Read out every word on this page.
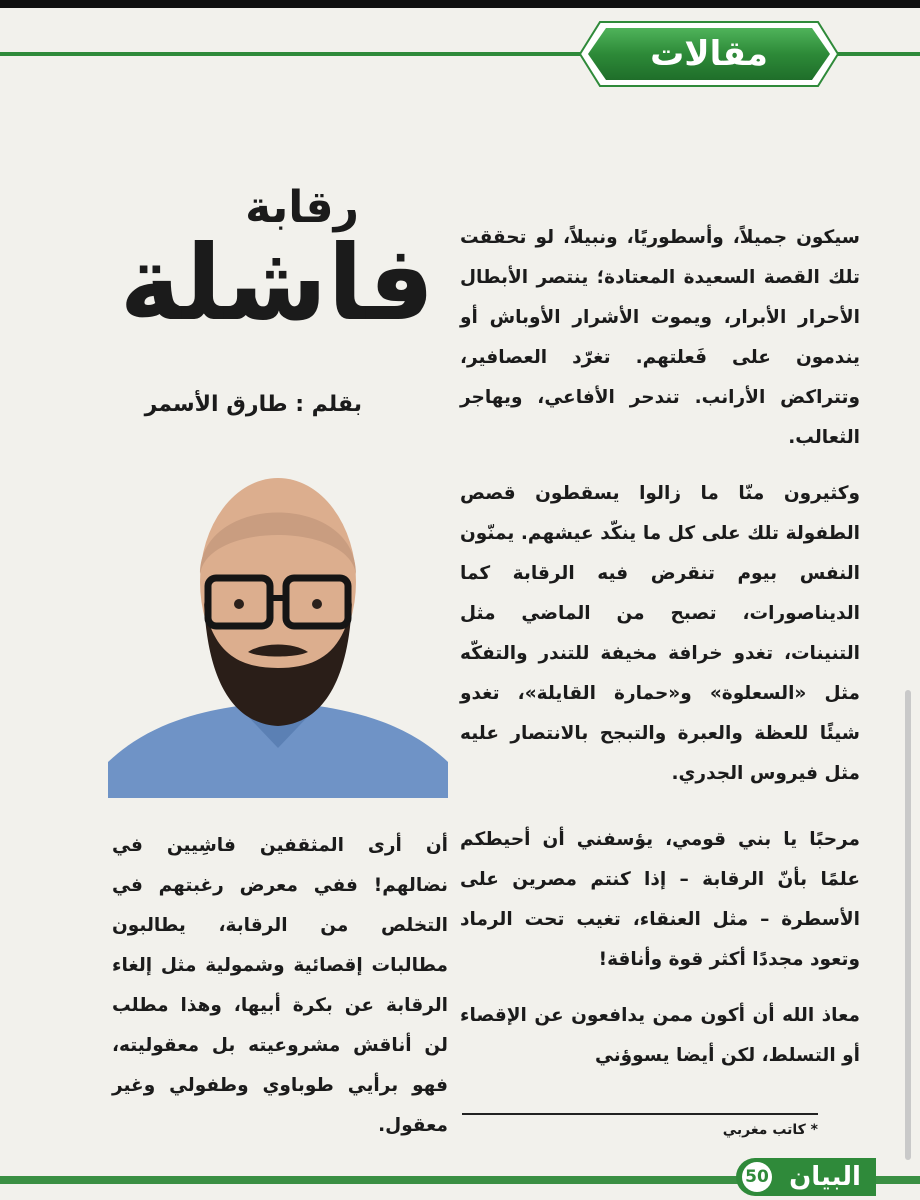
مقالات
رقابة
فاشلة
بقلم : طارق الأسمر
سيكون جميلاً، وأسطوريًا، ونبيلاً، لو تحققت تلك القصة السعيدة المعتادة؛ ينتصر الأبطال الأحرار الأبرار، ويموت الأشرار الأوباش أو يندمون على فَعلتهم. تغرّد العصافير، وتتراكض الأرانب. تندحر الأفاعي، ويهاجر الثعالب.
وكثيرون منّا ما زالوا يسقطون قصص الطفولة تلك على كل ما ينكّد عيشهم. يمنّون النفس بيوم تنقرض فيه الرقابة كما الديناصورات، تصبح من الماضي مثل التنينات، تغدو خرافة مخيفة للتندر والتفكّه مثل «السعلوة» و«حمارة القايلة»، تغدو شيئًا للعظة والعبرة والتبجح بالانتصار عليه مثل فيروس الجدري.
مرحبًا يا بني قومي، يؤسفني أن أحيطكم علمًا بأنّ الرقابة – إذا كنتم مصرين على الأسطرة – مثل العنقاء، تغيب تحت الرماد وتعود مجددًا أكثر قوة وأناقة!
معاذ الله أن أكون ممن يدافعون عن الإقصاء أو التسلط، لكن أيضا يسوؤني
أن أرى المثقفين فاشِيين في نضالهم! ففي معرض رغبتهم في التخلص من الرقابة، يطالبون مطالبات إقصائية وشمولية مثل إلغاء الرقابة عن بكرة أبيها، وهذا مطلب لن أناقش مشروعيته بل معقوليته، فهو برأيي طوباوي وطفولي وغير معقول.	* كاتب مغربي
50 البيان
